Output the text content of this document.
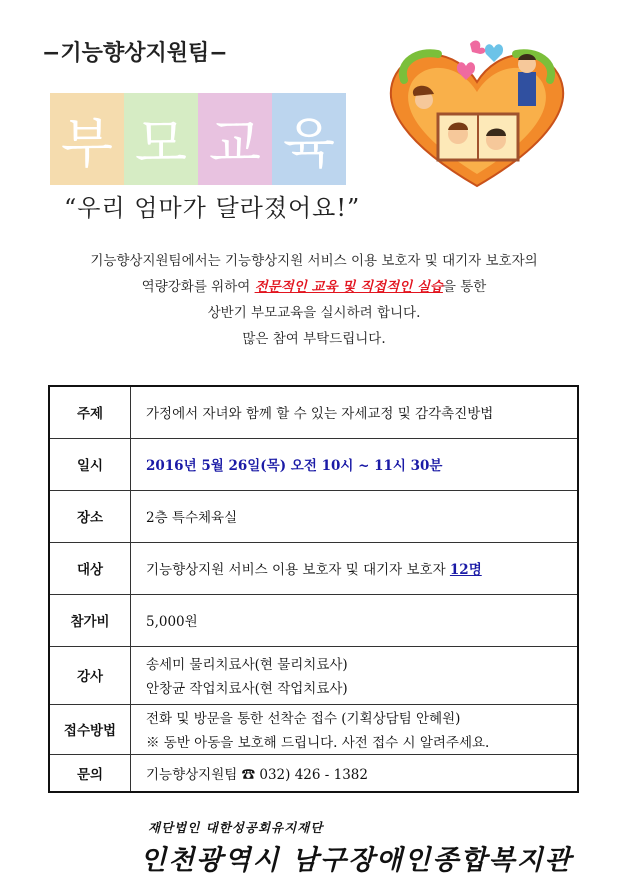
−기능향상지원팀−
부 모 교 육
“우리 엄마가 달라졌어요!”

기능향상지원팀에서는 기능향상지원 서비스 이용 보호자 및 대기자 보호자의

역량강화를 위하여 전문적인 교육 및 직접적인 실습을 통한

상반기 부모교육을 실시하려 합니다.

많은 참여 부탁드립니다.

주제	가정에서 자녀와 함께 할 수 있는 자세교정 및 감각촉진방법
일시	2016년 5월 26일(목) 오전 10시 ~ 11시 30분
장소	2층 특수체육실
대상	기능향상지원 서비스 이용 보호자 및 대기자 보호자 12명
참가비	5,000원
강사	송세미 물리치료사(현 물리치료사)
안창균 작업치료사(현 작업치료사)

접수방법	전화 및 방문을 통한 선착순 접수 (기획상담팀 안혜원)
※ 동반 아동을 보호해 드립니다. 사전 접수 시 알려주세요.

문의	기능향상지원팀 ☎ 032) 426 - 1382
재단법인 대한성공회유지재단
인천광역시 남구장애인종합복지관
